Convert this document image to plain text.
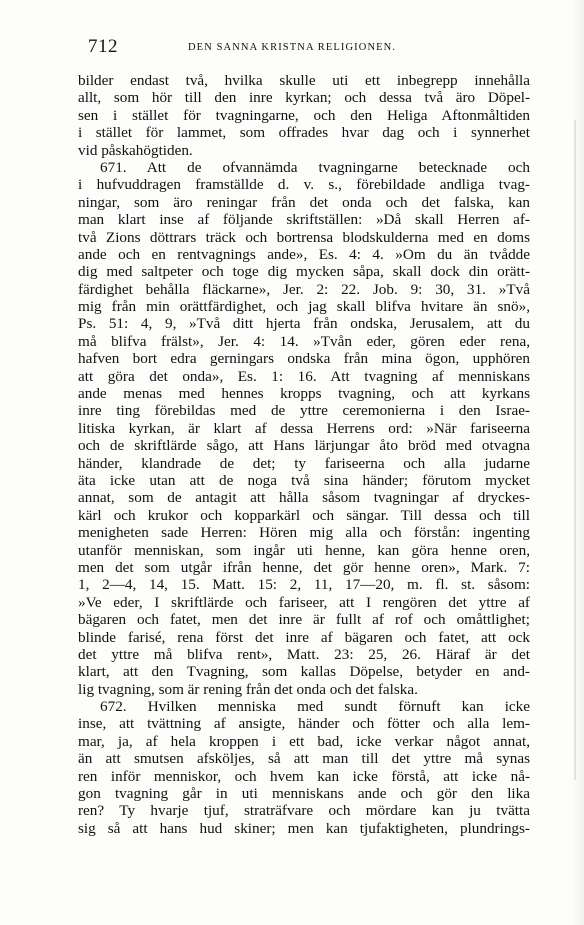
712	DEN SANNA KRISTNA RELIGIONEN.
bilder endast två, hvilka skulle uti ett inbegrepp innehålla
allt, som hör till den inre kyrkan; och dessa två äro Döpel-
sen i stället för tvagningarne, och den Heliga Aftonmåltiden
i stället för lammet, som offrades hvar dag och i synnerhet
vid påskahögtiden.
671. Att de ofvannämda tvagningarne betecknade och
i hufvuddragen framställde d. v. s., förebildade andliga tvag-
ningar, som äro reningar från det onda och det falska, kan
man klart inse af följande skriftställen: »Då skall Herren af-
två Zions döttrars träck och bortrensa blodskulderna med en doms
ande och en rentvagnings ande», Es. 4: 4. »Om du än tvådde
dig med saltpeter och toge dig mycken såpa, skall dock din orätt-
färdighet behålla fläckarne», Jer. 2: 22. Job. 9: 30, 31. »Två
mig från min orättfärdighet, och jag skall blifva hvitare än snö»,
Ps. 51: 4, 9, »Två ditt hjerta från ondska, Jerusalem, att du
må blifva frälst», Jer. 4: 14. »Tvån eder, gören eder rena,
hafven bort edra gerningars ondska från mina ögon, upphören
att göra det onda», Es. 1: 16. Att tvagning af menniskans
ande menas med hennes kropps tvagning, och att kyrkans
inre ting förebildas med de yttre ceremonierna i den Israe-
litiska kyrkan, är klart af dessa Herrens ord: »När fariseerna
och de skriftlärde sågo, att Hans lärjungar åto bröd med otvagna
händer, klandrade de det; ty fariseerna och alla judarne
äta icke utan att de noga två sina händer; förutom mycket
annat, som de antagit att hålla såsom tvagningar af dryckes-
kärl och krukor och kopparkärl och sängar. Till dessa och till
menigheten sade Herren: Hören mig alla och förstån: ingenting
utanför menniskan, som ingår uti henne, kan göra henne oren,
men det som utgår ifrån henne, det gör henne oren», Mark. 7:
1, 2—4, 14, 15. Matt. 15: 2, 11, 17—20, m. fl. st. såsom:
»Ve eder, I skriftlärde och fariseer, att I rengören det yttre af
bägaren och fatet, men det inre är fullt af rof och omåttlighet;
blinde farisé, rena först det inre af bägaren och fatet, att ock
det yttre må blifva rent», Matt. 23: 25, 26. Häraf är det
klart, att den Tvagning, som kallas Döpelse, betyder en and-
lig tvagning, som är rening från det onda och det falska.
672. Hvilken menniska med sundt förnuft kan icke
inse, att tvättning af ansigte, händer och fötter och alla lem-
mar, ja, af hela kroppen i ett bad, icke verkar något annat,
än att smutsen afsköljes, så att man till det yttre må synas
ren inför menniskor, och hvem kan icke förstå, att icke nå-
gon tvagning går in uti menniskans ande och gör den lika
ren? Ty hvarje tjuf, straträfvare och mördare kan ju tvätta
sig så att hans hud skiner; men kan tjufaktigheten, plundrings-
